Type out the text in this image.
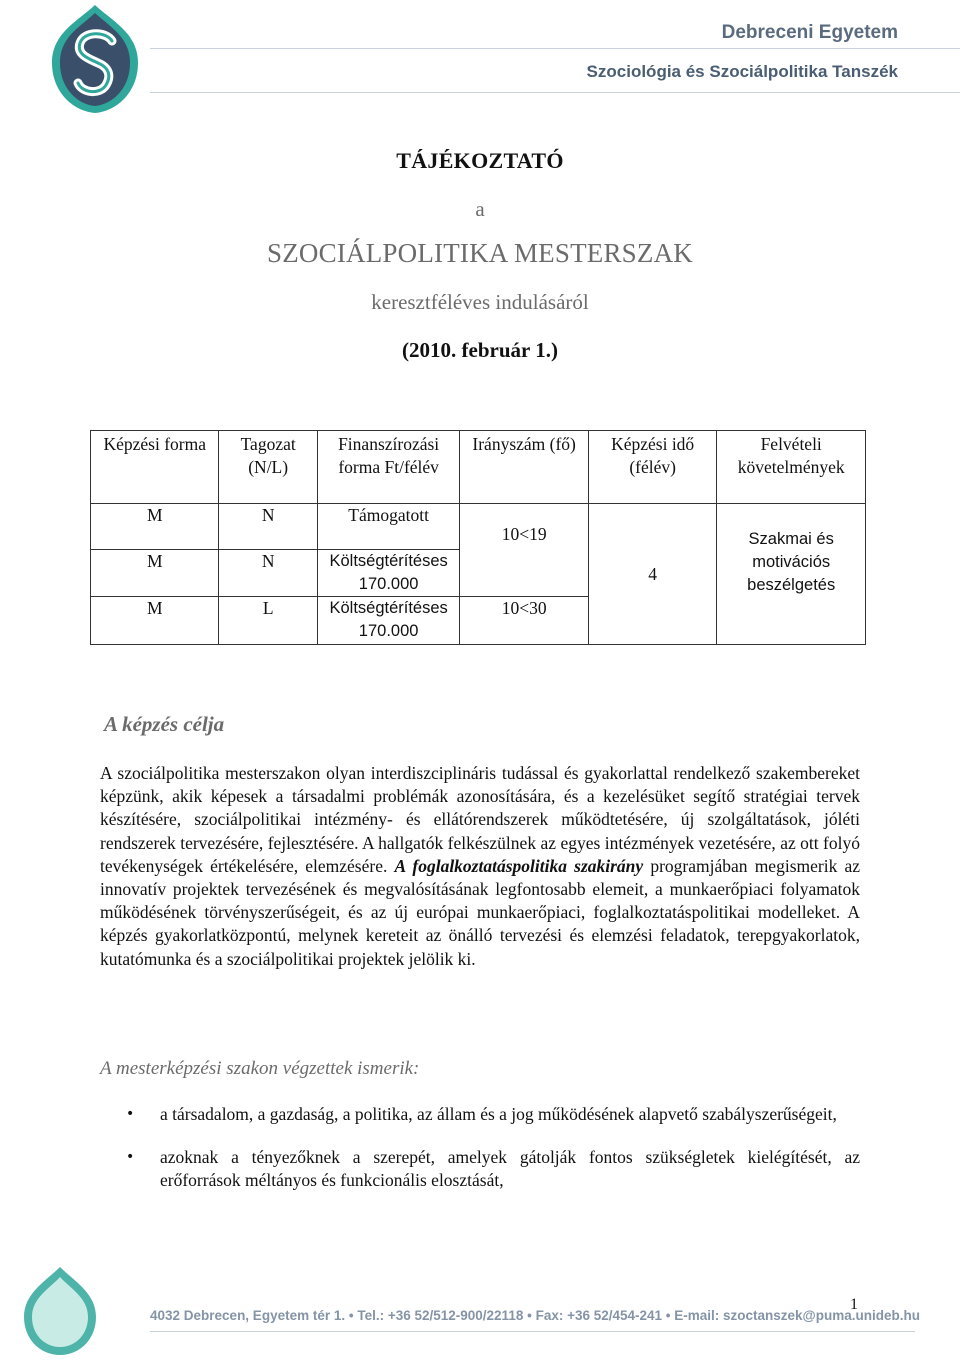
Debreceni Egyetem
Szociológia és Szociálpolitika Tanszék
TÁJÉKOZTATÓ
a
SZOCIÁLPOLITIKA MESTERSZAK
keresztféléves indulásáról
(2010. február 1.)
Képzési forma	Tagozat (N/L)	Finanszírozási forma Ft/félév	Irányszám (fő)	Képzési idő (félév)	Felvételi követelmények
M	N	Támogatott	10<19	4	Szakmai és motivációs beszélgetés
M	N	Költségtérítéses 170.000			
M	L	Költségtérítéses 170.000	10<30		
A képzés célja
A szociálpolitika mesterszakon olyan interdiszciplináris tudással és gyakorlattal rendelkező szakembereket képzünk, akik képesek a társadalmi problémák azonosítására, és a kezelésüket segítő stratégiai tervek készítésére, szociálpolitikai intézmény- és ellátórendszerek működtetésére, új szolgáltatások, jóléti rendszerek tervezésére, fejlesztésére. A hallgatók felkészülnek az egyes intézmények vezetésére, az ott folyó tevékenységek értékelésére, elemzésére. A foglalkoztatáspolitika szakirány programjában megismerik az innovatív projektek tervezésének és megvalósításának legfontosabb elemeit, a munkaerőpiaci folyamatok működésének törvényszerűségeit, és az új európai munkaerőpiaci, foglalkoztatáspolitikai modelleket. A képzés gyakorlatközpontú, melynek kereteit az önálló tervezési és elemzési feladatok, terepgyakorlatok, kutatómunka és a szociálpolitikai projektek jelölik ki.
A mesterképzési szakon végzettek ismerik:
• a társadalom, a gazdaság, a politika, az állam és a jog működésének alapvető szabályszerűségeit,
• azoknak a tényezőknek a szerepét, amelyek gátolják fontos szükségletek kielégítését, az erőforrások méltányos és funkcionális elosztását,
1
4032 Debrecen, Egyetem tér 1. • Tel.: +36 52/512-900/22118 • Fax: +36 52/454-241 • E-mail: szoctanszek@puma.unideb.hu
